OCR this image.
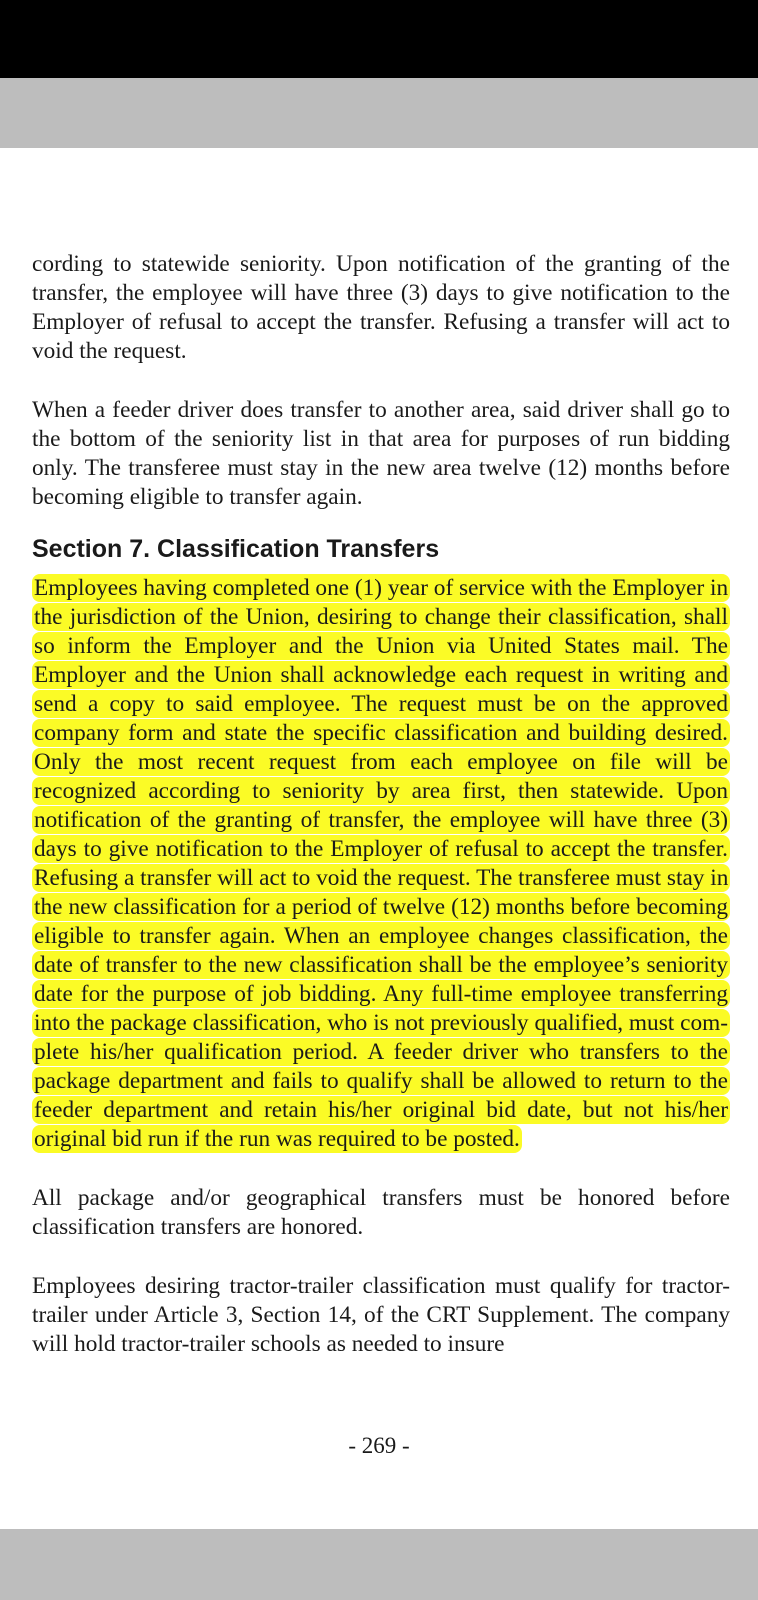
cording to statewide seniority. Upon notification of the granting of the transfer, the employee will have three (3) days to give notification to the Employer of refusal to accept the transfer. Refusing a transfer will act to void the request.

When a feeder driver does transfer to another area, said driver shall go to the bottom of the seniority list in that area for purposes of run bidding only. The transferee must stay in the new area twelve (12) months before becoming eligible to transfer again.

Section 7. Classification Transfers

Employees having completed one (1) year of service with the Employer in the jurisdiction of the Union, desiring to change their classification, shall so inform the Employer and the Union via United States mail. The Employer and the Union shall acknowledge each request in writing and send a copy to said employee. The request must be on the approved company form and state the specific classification and building desired. Only the most recent request from each employee on file will be recognized according to seniority by area first, then statewide. Upon notification of the granting of transfer, the employee will have three (3) days to give notification to the Employer of refusal to accept the transfer. Refusing a transfer will act to void the request. The transferee must stay in the new classification for a period of twelve (12) months before becoming eligible to transfer again. When an employee changes classification, the date of transfer to the new classification shall be the employee’s seniority date for the purpose of job bidding. Any full-time employee transferring into the package classification, who is not previously qualified, must complete his/her qualification period. A feeder driver who transfers to the package department and fails to qualify shall be allowed to return to the feeder department and retain his/her original bid date, but not his/her original bid run if the run was required to be posted.

All package and/or geographical transfers must be honored before classification transfers are honored.

Employees desiring tractor-trailer classification must qualify for tractor-trailer under Article 3, Section 14, of the CRT Supplement. The company will hold tractor-trailer schools as needed to insure

- 269 -
